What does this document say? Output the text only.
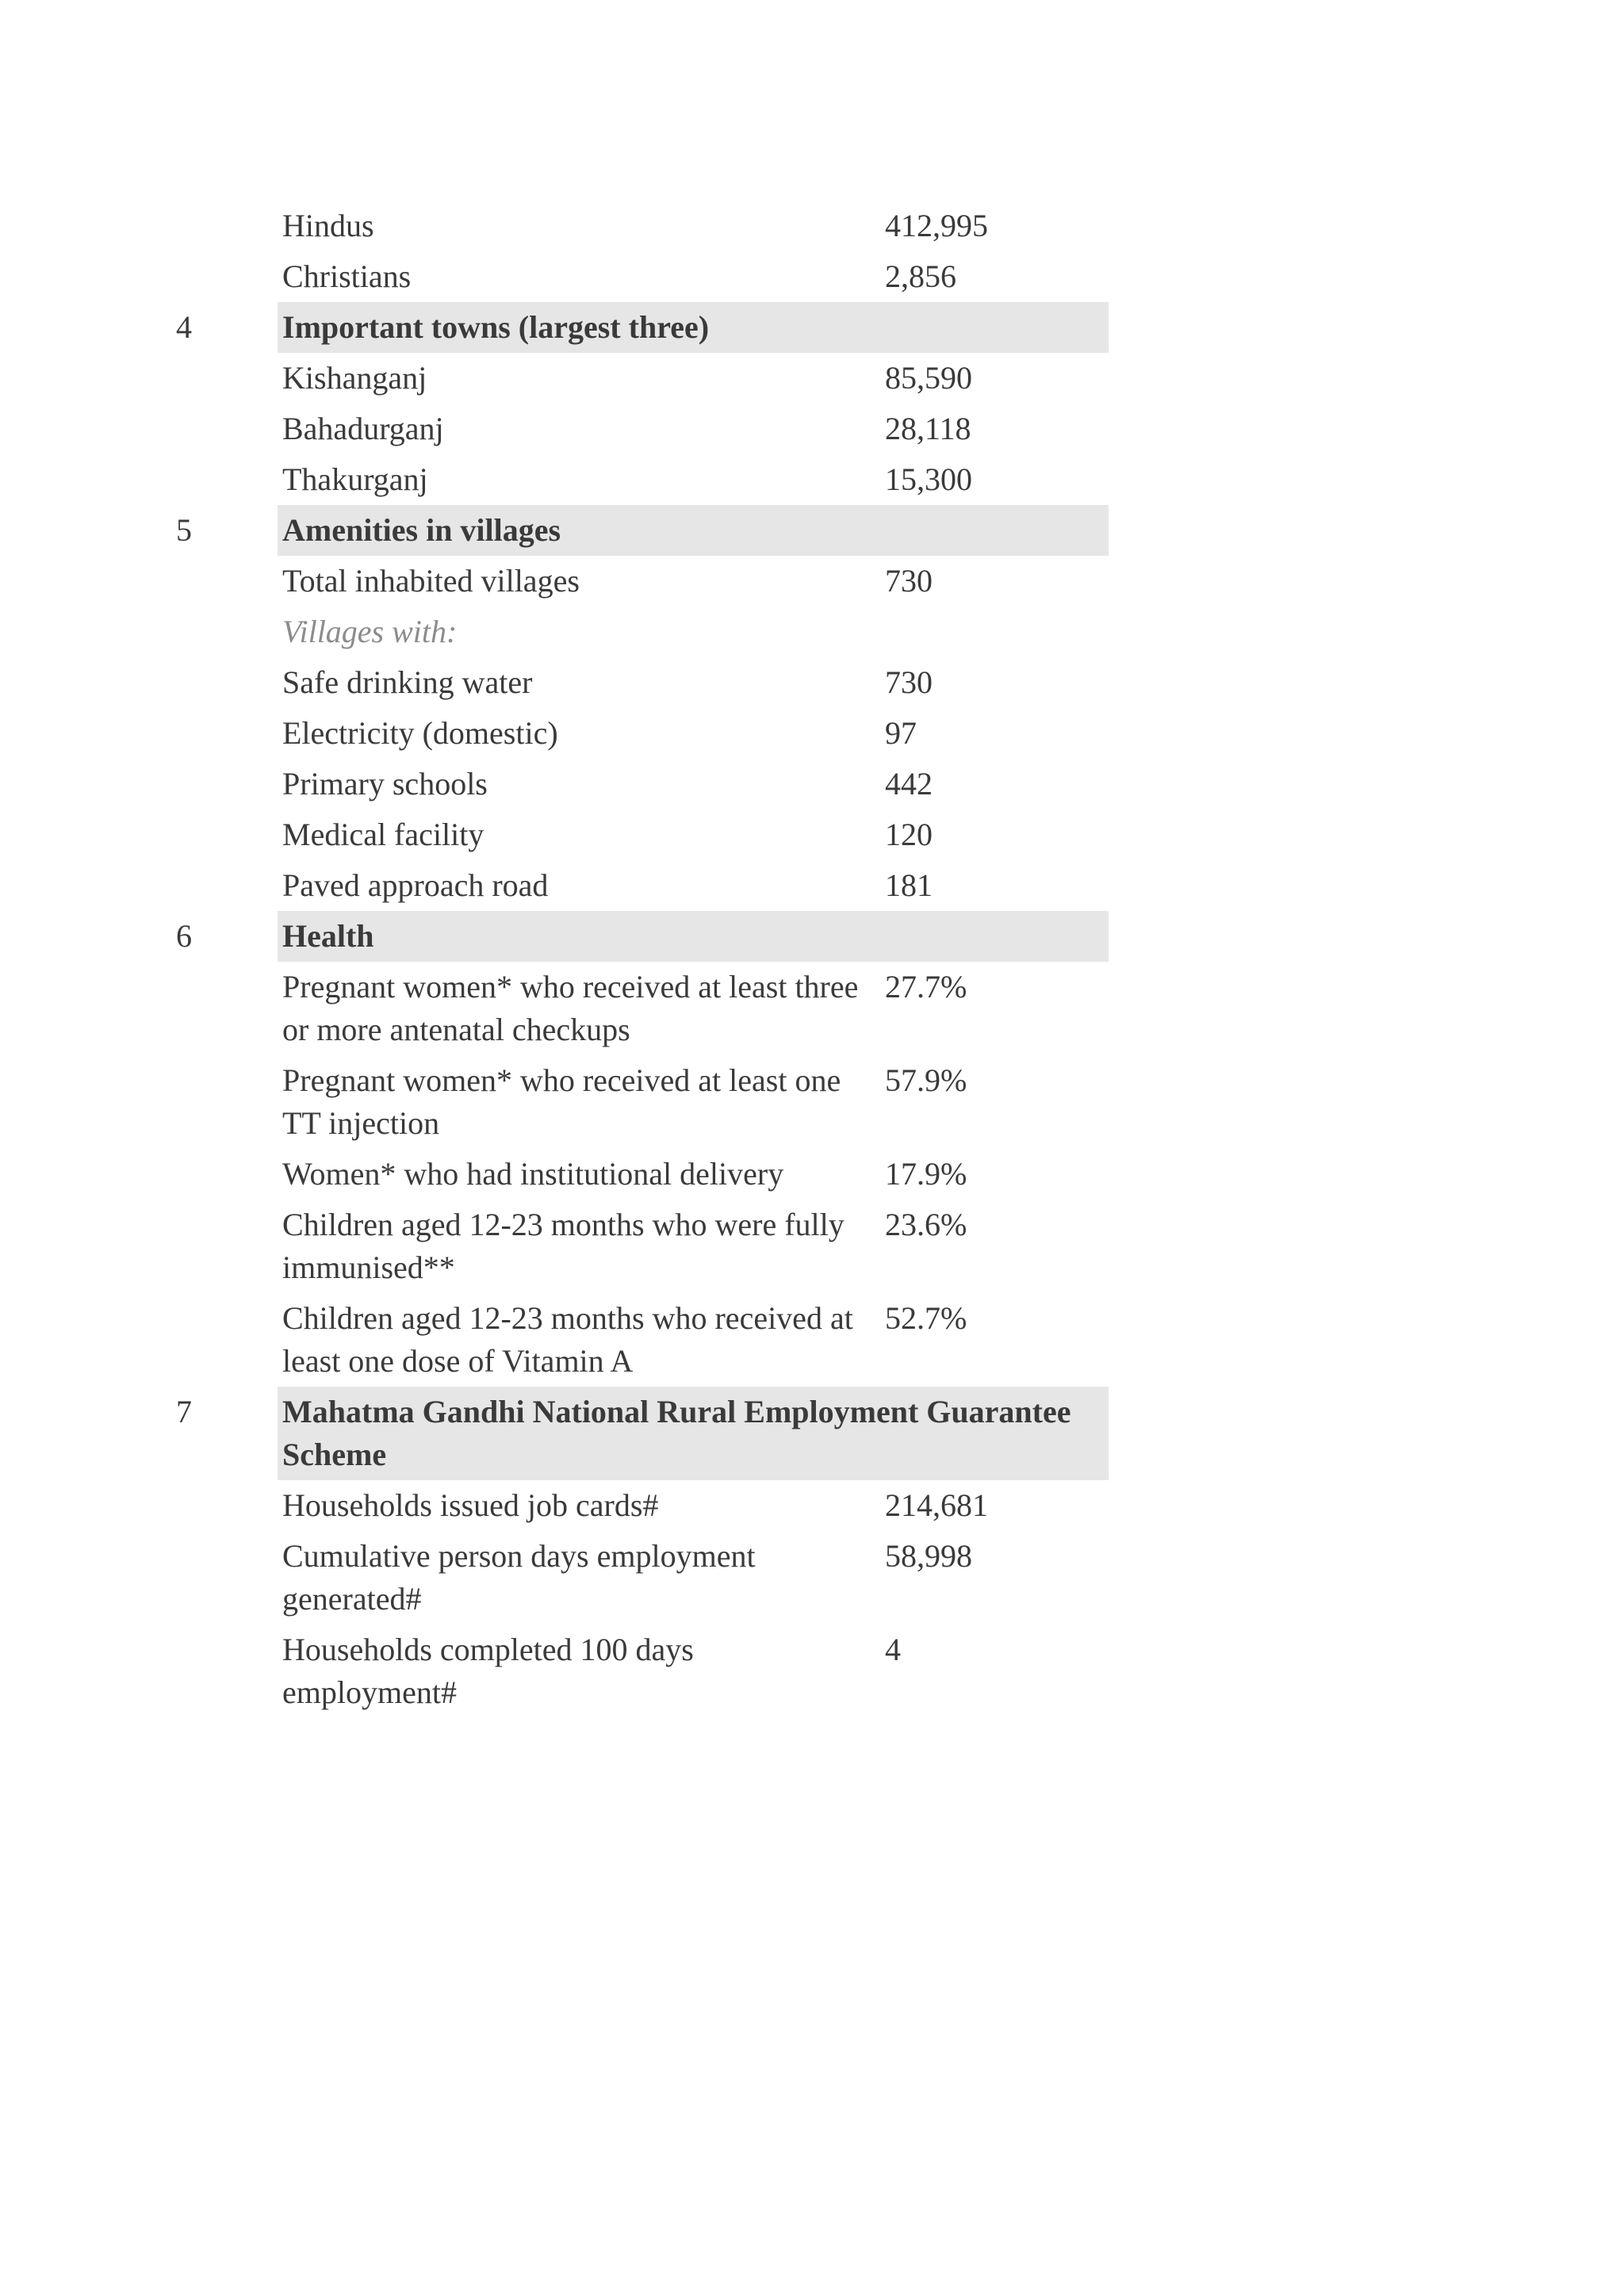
	Hindus	412,995
	Christians	2,856
4	Important towns (largest three)	
	Kishanganj	85,590
	Bahadurganj	28,118
	Thakurganj	15,300
5	Amenities in villages	
	Total inhabited villages	730
	Villages with:	
	Safe drinking water	730
	Electricity (domestic)	97
	Primary schools	442
	Medical facility	120
	Paved approach road	181
6	Health	
	Pregnant women* who received at least three or more antenatal checkups	27.7%
	Pregnant women* who received at least one TT injection	57.9%
	Women* who had institutional delivery	17.9%
	Children aged 12-23 months who were fully immunised**	23.6%
	Children aged 12-23 months who received at least one dose of Vitamin A	52.7%
7	Mahatma Gandhi National Rural Employment Guarantee Scheme	
	Households issued job cards#	214,681
	Cumulative person days employment generated#	58,998
	Households completed 100 days employment#	4
